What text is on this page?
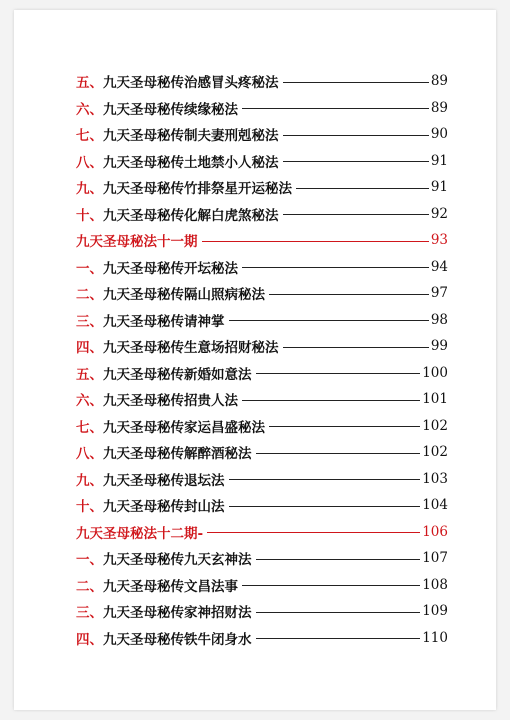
五、 九天圣母秘传治感冒头疼秘法	89
六、 九天圣母秘传续缘秘法	89
七、 九天圣母秘传制夫妻刑剋秘法	90
八、 九天圣母秘传土地禁小人秘法	91
九、 九天圣母秘传竹排祭星开运秘法	91
十、 九天圣母秘传化解白虎煞秘法	92
九天圣母秘法十一期	93
一、 九天圣母秘传开坛秘法	94
二、 九天圣母秘传隔山照病秘法	97
三、 九天圣母秘传请神掌	98
四、 九天圣母秘传生意场招财秘法	99
五、 九天圣母秘传新婚如意法	100
六、 九天圣母秘传招贵人法	101
七、 九天圣母秘传家运昌盛秘法	102
八、 九天圣母秘传解醉酒秘法	102
九、 九天圣母秘传退坛法	103
十、 九天圣母秘传封山法	104
九天圣母秘法十二期-	106
一、 九天圣母秘传九天玄神法	107
二、 九天圣母秘传文昌法事	108
三、 九天圣母秘传家神招财法	109
四、 九天圣母秘传铁牛闭身水	110
